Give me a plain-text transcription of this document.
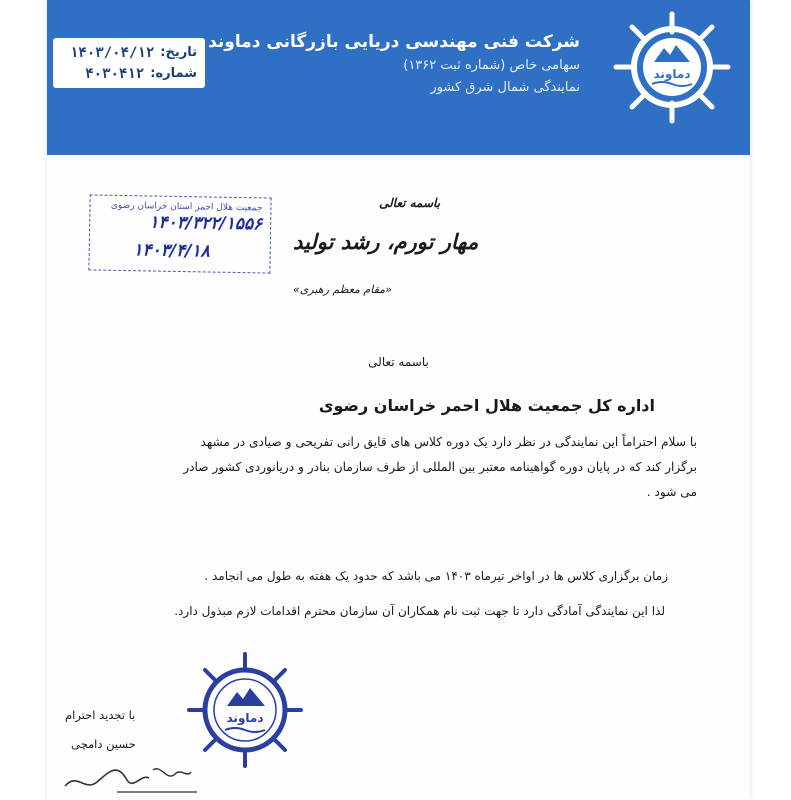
شرکت فنی مهندسی دریایی بازرگانی دماوند
سهامی خاص (شماره ثبت ۱۳۶۲)
نمایندگی شمال شرق کشور
دماوند
تاریخ:
۱۴۰۳/۰۴/۱۲
شماره:
۴۰۳۰۴۱۲
جمعیت هلال احمر استان خراسان رضوی
۱۴۰۳/۳۲۲/۱۵۵۶
۱۴۰۳/۴/۱۸
باسمه تعالی
مهار تورم، رشد تولید
«مقام معظم رهبری»
باسمه تعالی
اداره کل جمعیت هلال احمر خراسان رضوی
با سلام احتراماً این نمایندگی در نظر دارد یک دوره کلاس های قایق رانی تفریحی و صیادی در مشهد
برگزار کند که در پایان دوره گواهینامه معتبر بین المللی از طرف سازمان بنادر و دریانوردی کشور صادر
می شود .
زمان برگزاری کلاس ها در اواخر تیرماه ۱۴۰۳ می باشد که حدود یک هفته به طول می انجامد .
لذا این نمایندگی آمادگی دارد تا جهت ثبت نام همکاران آن سازمان محترم اقدامات لازم مبذول دارد.
دماوند
با تجدید احترام
حسین دامچی
